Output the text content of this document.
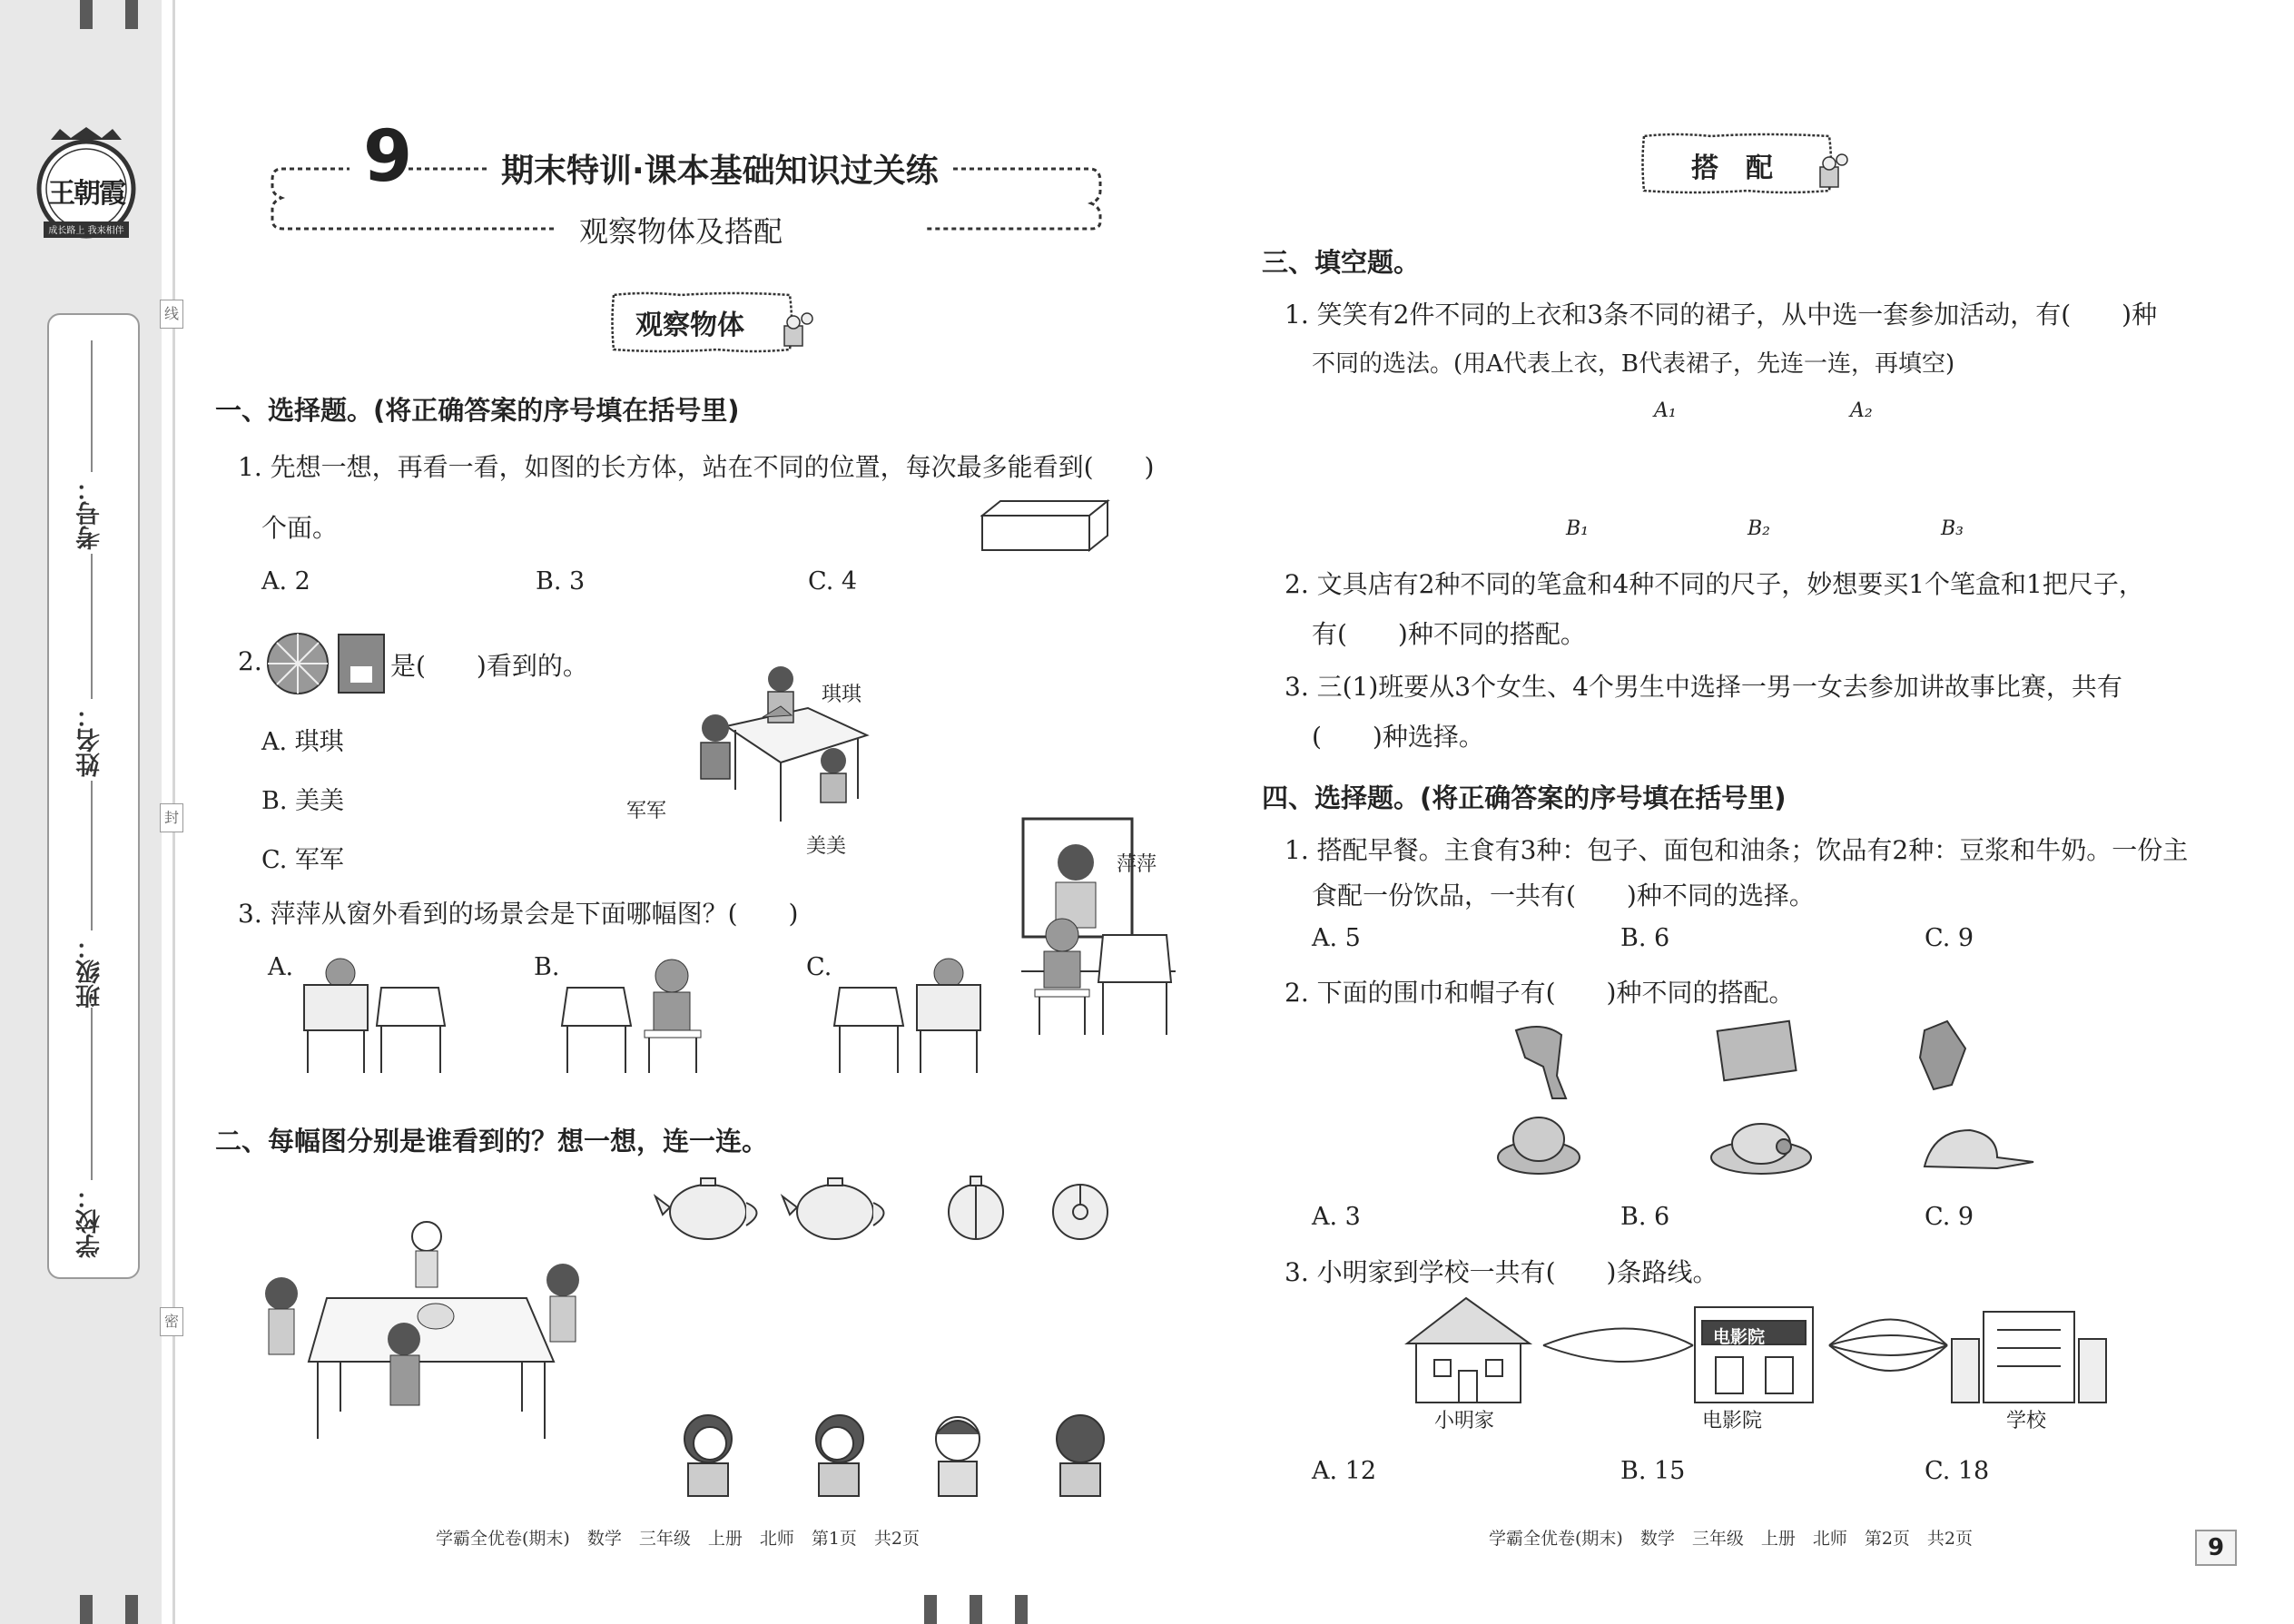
成长路上 我来相伴
王朝霞
学校：
班级：
姓名：
考号：
线
封
密
9	期末特训·课本基础知识过关练
观察物体及搭配
观察物体
一、选择题。(将正确答案的序号填在括号里)
1. 先想一想，再看一看，如图的长方体，站在不同的位置，每次最多能看到(　　)
个面。
A. 2	B. 3	C. 4
2.	是(　　)看到的。
A. 琪琪
B. 美美
C. 军军
琪琪
军军
美美
3. 萍萍从窗外看到的场景会是下面哪幅图？(　　)
萍萍
A.	B.	C.
二、每幅图分别是谁看到的？想一想，连一连。
学霸全优卷(期末)　数学　三年级　上册　北师　第1页　共2页
搭　配
三、填空题。
1. 笑笑有2件不同的上衣和3条不同的裙子，从中选一套参加活动，有(　　)种
不同的选法。(用A代表上衣，B代表裙子，先连一连，再填空)
A₁	A₂
B₁	B₂	B₃
2. 文具店有2种不同的笔盒和4种不同的尺子，妙想要买1个笔盒和1把尺子，
有(　　)种不同的搭配。
3. 三(1)班要从3个女生、4个男生中选择一男一女去参加讲故事比赛，共有
(　　)种选择。
四、选择题。(将正确答案的序号填在括号里)
1. 搭配早餐。主食有3种：包子、面包和油条；饮品有2种：豆浆和牛奶。一份主
食配一份饮品，一共有(　　)种不同的选择。
A. 5	B. 6	C. 9
2. 下面的围巾和帽子有(　　)种不同的搭配。
A. 3	B. 6	C. 9
3. 小明家到学校一共有(　　)条路线。
电影院
小明家	电影院	学校
A. 12	B. 15	C. 18
学霸全优卷(期末)　数学　三年级　上册　北师　第2页　共2页	9
